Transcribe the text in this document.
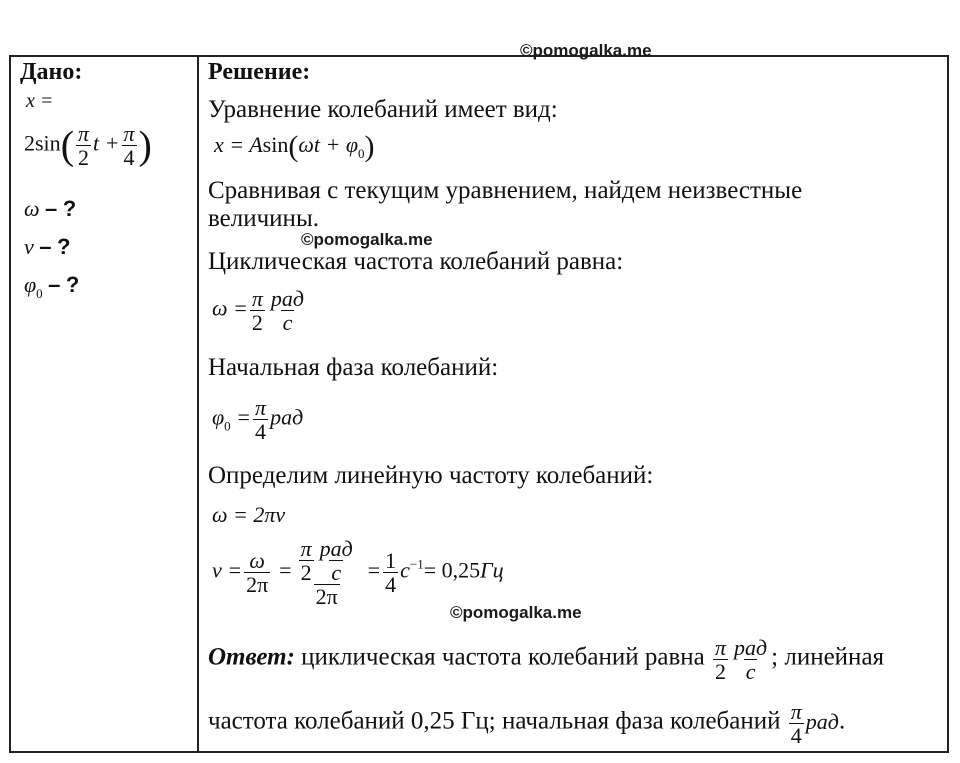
©pomogalka.me
©pomogalka.me
©pomogalka.me
Дано:
x =
$2\sin( \frac{\pi}{2}$ $t + \frac{\pi}{4}$ )
ω – ?
ν – ?
$\varphi_0$ – ?
Решение:
Уравнение колебаний имеет вид:
$x = Asin(\omega t + \varphi_0)$
Сравнивая с текущим уравнением, найдем неизвестные
величины.
Циклическая частота колебаний равна:
$\omega = \frac{\pi}{2} \frac{\text{рад}}{с}$
Начальная фаза колебаний:
$\varphi_0 = \frac{\pi}{4}$ рад
Определим линейную частоту колебаний:
ω = 2πν
$\nu = \frac{\omega}{2\pi} = \frac{\frac{\pi}{2} \frac{\text{рад}}{с}}{2\pi} = \frac{1}{4} с^{-1}= 0,25Гц$
Ответ: циклическая частота колебаний равна $\frac{\pi}{2} \frac{\text{рад}}{с}$ ; линейная
частота колебаний 0,25 Гц; начальная фаза колебаний $\frac{\pi}{4}$ рад.
